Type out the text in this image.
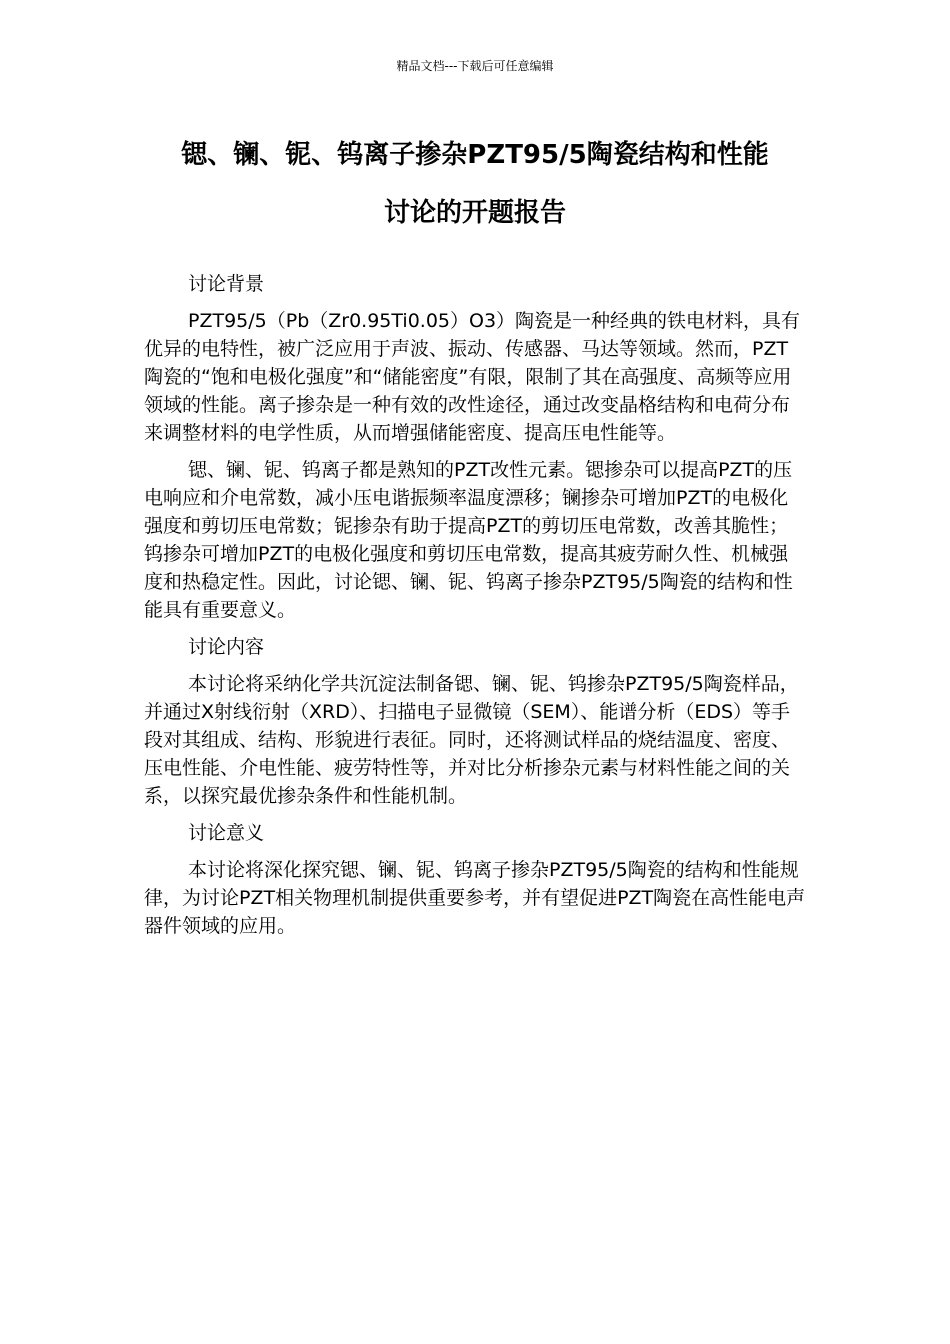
精品文档---下载后可任意编辑
锶、镧、铌、钨离子掺杂PZT95/5陶瓷结构和性能
讨论的开题报告

讨论背景

PZT95/5（Pb（Zr0.95Ti0.05）O3）陶瓷是一种经典的铁电材料，具有优异的电特性，被广泛应用于声波、振动、传感器、马达等领域。然而，PZT陶瓷的“饱和电极化强度”和“储能密度”有限，限制了其在高强度、高频等应用领域的性能。离子掺杂是一种有效的改性途径，通过改变晶格结构和电荷分布来调整材料的电学性质，从而增强储能密度、提高压电性能等。

锶、镧、铌、钨离子都是熟知的PZT改性元素。锶掺杂可以提高PZT的压电响应和介电常数，减小压电谐振频率温度漂移；镧掺杂可增加PZT的电极化强度和剪切压电常数；铌掺杂有助于提高PZT的剪切压电常数，改善其脆性；钨掺杂可增加PZT的电极化强度和剪切压电常数，提高其疲劳耐久性、机械强度和热稳定性。因此，讨论锶、镧、铌、钨离子掺杂PZT95/5陶瓷的结构和性能具有重要意义。

讨论内容

本讨论将采纳化学共沉淀法制备锶、镧、铌、钨掺杂PZT95/5陶瓷样品，并通过X射线衍射（XRD）、扫描电子显微镜（SEM）、能谱分析（EDS）等手段对其组成、结构、形貌进行表征。同时，还将测试样品的烧结温度、密度、压电性能、介电性能、疲劳特性等，并对比分析掺杂元素与材料性能之间的关系，以探究最优掺杂条件和性能机制。

讨论意义

本讨论将深化探究锶、镧、铌、钨离子掺杂PZT95/5陶瓷的结构和性能规律，为讨论PZT相关物理机制提供重要参考，并有望促进PZT陶瓷在高性能电声器件领域的应用。
